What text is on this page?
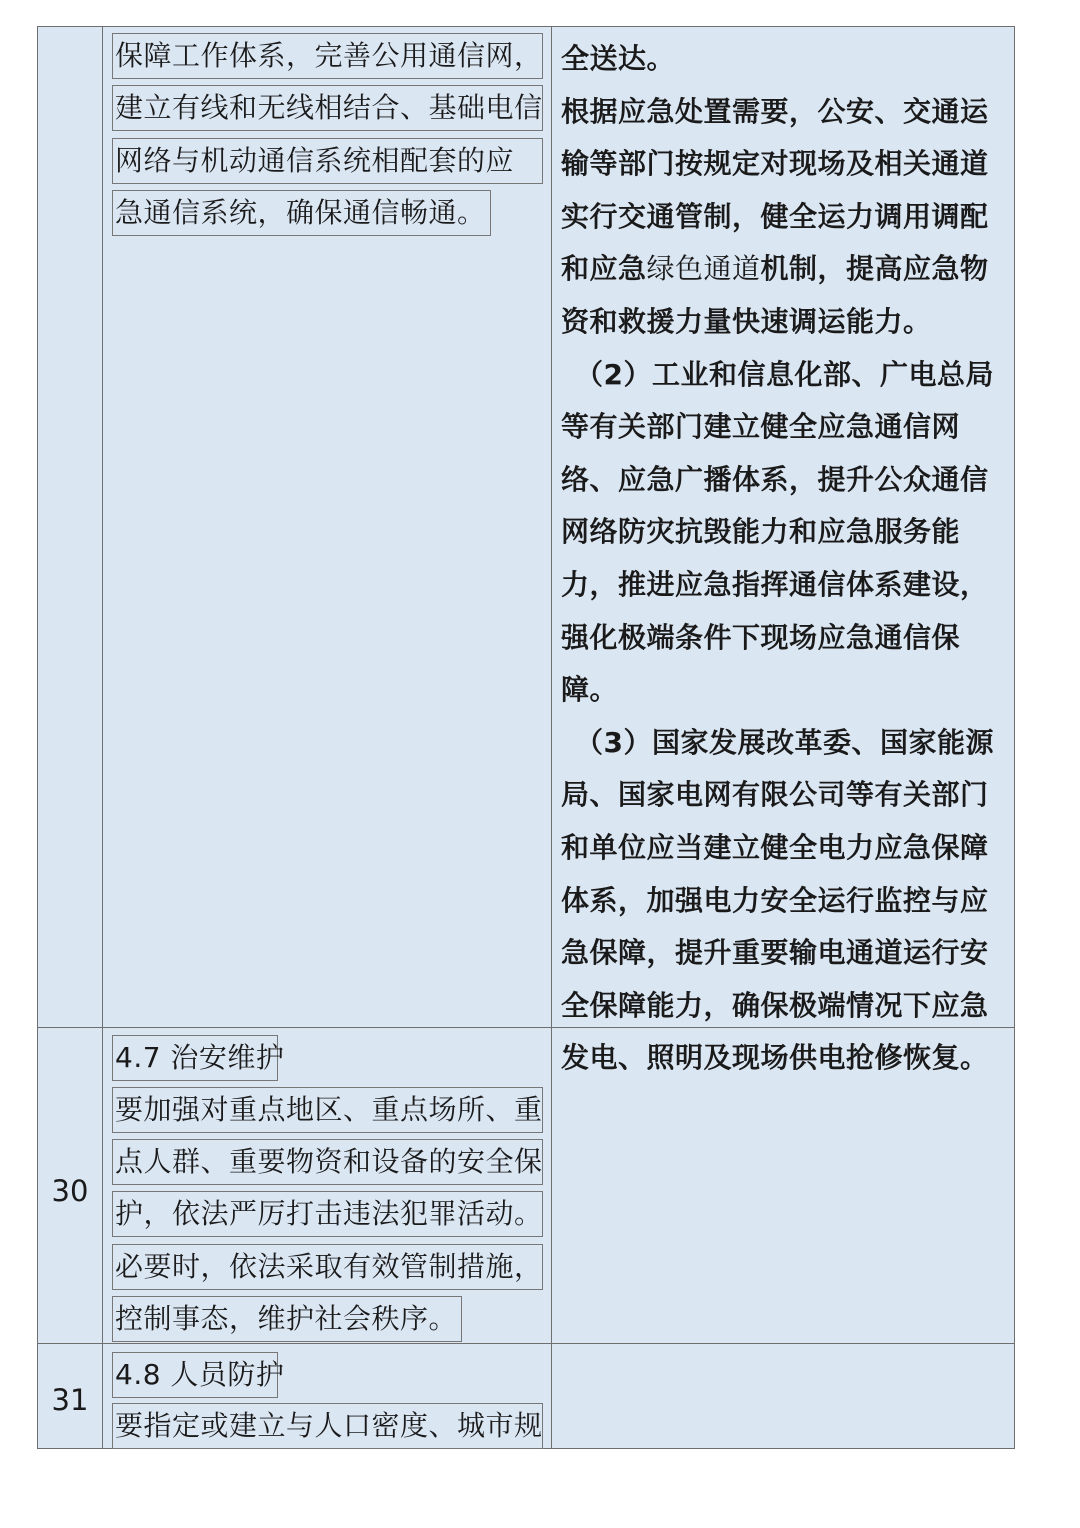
保障工作体系，完善公用通信网，
建立有线和无线相结合、基础电信
网络与机动通信系统相配套的应
急通信系统，确保通信畅通。

全送达。

根据应急处置需要，公安、交通运输等部门按规定对现场及相关通道实行交通管制，健全运力调用调配和应急绿色通道机制，提高应急物资和救援力量快速调运能力。

（2）工业和信息化部、广电总局等有关部门建立健全应急通信网络、应急广播体系，提升公众通信网络防灾抗毁能力和应急服务能力，推进应急指挥通信体系建设，强化极端条件下现场应急通信保障。

（3）国家发展改革委、国家能源局、国家电网有限公司等有关部门和单位应当建立健全电力应急保障体系，加强电力安全运行监控与应急保障，提升重要输电通道运行安全保障能力，确保极端情况下应急发电、照明及现场供电抢修恢复。

30
4.7 治安维护
要加强对重点地区、重点场所、重
点人群、重要物资和设备的安全保
护，依法严厉打击违法犯罪活动。
必要时，依法采取有效管制措施，
控制事态，维护社会秩序。
31
4.8 人员防护
要指定或建立与人口密度、城市规
